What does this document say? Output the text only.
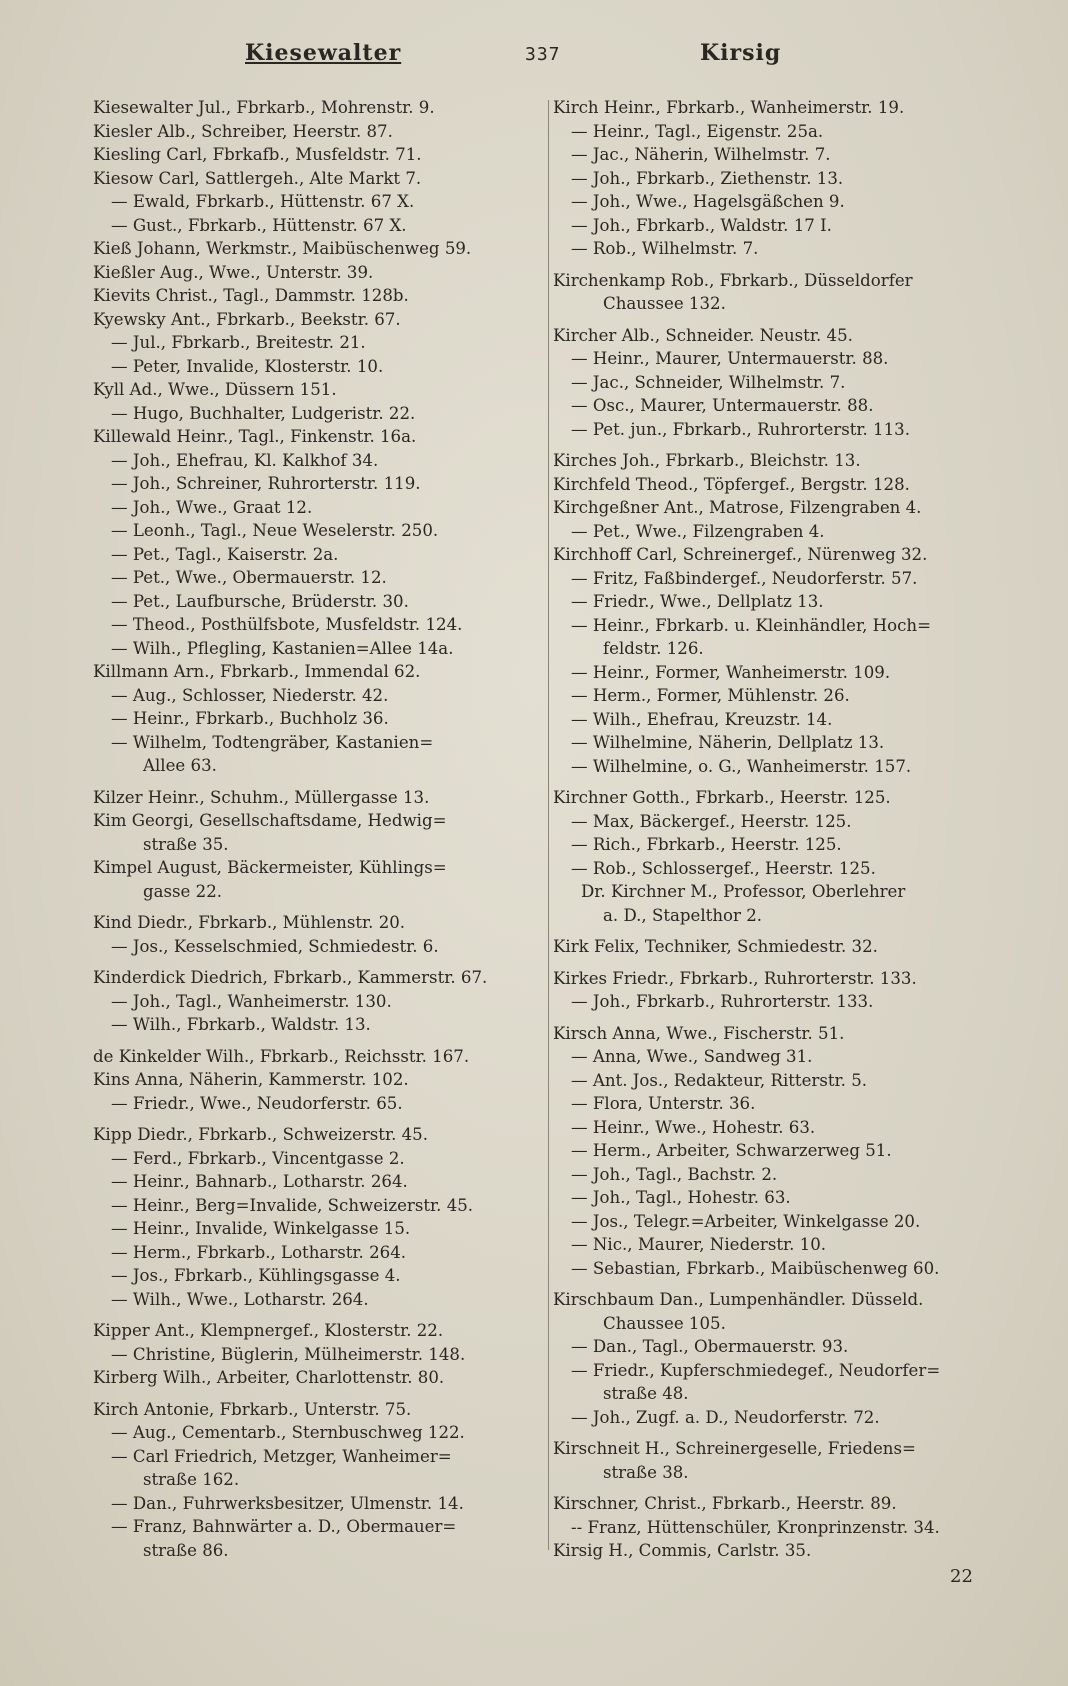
Kiesewalter	337	Kirsig

Kiesewalter Jul., Fbrkarb., Mohrenstr. 9.

Kiesler Alb., Schreiber, Heerstr. 87.

Kiesling Carl, Fbrkafb., Musfeldstr. 71.

Kiesow Carl, Sattlergeh., Alte Markt 7.

— Ewald, Fbrkarb., Hüttenstr. 67 X.

— Gust., Fbrkarb., Hüttenstr. 67 X.

Kieß Johann, Werkmstr., Maibüschenweg 59.

Kießler Aug., Wwe., Unterstr. 39.

Kievits Christ., Tagl., Dammstr. 128b.

Kyewsky Ant., Fbrkarb., Beekstr. 67.

— Jul., Fbrkarb., Breitestr. 21.

— Peter, Invalide, Klosterstr. 10.

Kyll Ad., Wwe., Düssern 151.

— Hugo, Buchhalter, Ludgeristr. 22.

Killewald Heinr., Tagl., Finkenstr. 16a.

— Joh., Ehefrau, Kl. Kalkhof 34.

— Joh., Schreiner, Ruhrorterstr. 119.

— Joh., Wwe., Graat 12.

— Leonh., Tagl., Neue Weselerstr. 250.

— Pet., Tagl., Kaiserstr. 2a.

— Pet., Wwe., Obermauerstr. 12.

— Pet., Laufbursche, Brüderstr. 30.

— Theod., Posthülfsbote, Musfeldstr. 124.

— Wilh., Pflegling, Kastanien=Allee 14a.

Killmann Arn., Fbrkarb., Immendal 62.

— Aug., Schlosser, Niederstr. 42.

— Heinr., Fbrkarb., Buchholz 36.

— Wilhelm, Todtengräber, Kastanien=

Allee 63.

Kilzer Heinr., Schuhm., Müllergasse 13.

Kim Georgi, Gesellschaftsdame, Hedwig=

straße 35.

Kimpel August, Bäckermeister, Kühlings=

gasse 22.

Kind Diedr., Fbrkarb., Mühlenstr. 20.

— Jos., Kesselschmied, Schmiedestr. 6.

Kinderdick Diedrich, Fbrkarb., Kammerstr. 67.

— Joh., Tagl., Wanheimerstr. 130.

— Wilh., Fbrkarb., Waldstr. 13.

de Kinkelder Wilh., Fbrkarb., Reichsstr. 167.

Kins Anna, Näherin, Kammerstr. 102.

— Friedr., Wwe., Neudorferstr. 65.

Kipp Diedr., Fbrkarb., Schweizerstr. 45.

— Ferd., Fbrkarb., Vincentgasse 2.

— Heinr., Bahnarb., Lotharstr. 264.

— Heinr., Berg=Invalide, Schweizerstr. 45.

— Heinr., Invalide, Winkelgasse 15.

— Herm., Fbrkarb., Lotharstr. 264.

— Jos., Fbrkarb., Kühlingsgasse 4.

— Wilh., Wwe., Lotharstr. 264.

Kipper Ant., Klempnergef., Klosterstr. 22.

— Christine, Büglerin, Mülheimerstr. 148.

Kirberg Wilh., Arbeiter, Charlottenstr. 80.

Kirch Antonie, Fbrkarb., Unterstr. 75.

— Aug., Cementarb., Sternbuschweg 122.

— Carl Friedrich, Metzger, Wanheimer=

straße 162.

— Dan., Fuhrwerksbesitzer, Ulmenstr. 14.

— Franz, Bahnwärter a. D., Obermauer=

straße 86.

Kirch Heinr., Fbrkarb., Wanheimerstr. 19.

— Heinr., Tagl., Eigenstr. 25a.

— Jac., Näherin, Wilhelmstr. 7.

— Joh., Fbrkarb., Ziethenstr. 13.

— Joh., Wwe., Hagelsgäßchen 9.

— Joh., Fbrkarb., Waldstr. 17 I.

— Rob., Wilhelmstr. 7.

Kirchenkamp Rob., Fbrkarb., Düsseldorfer

Chaussee 132.

Kircher Alb., Schneider. Neustr. 45.

— Heinr., Maurer, Untermauerstr. 88.

— Jac., Schneider, Wilhelmstr. 7.

— Osc., Maurer, Untermauerstr. 88.

— Pet. jun., Fbrkarb., Ruhrorterstr. 113.

Kirches Joh., Fbrkarb., Bleichstr. 13.

Kirchfeld Theod., Töpfergef., Bergstr. 128.

Kirchgeßner Ant., Matrose, Filzengraben 4.

— Pet., Wwe., Filzengraben 4.

Kirchhoff Carl, Schreinergef., Nürenweg 32.

— Fritz, Faßbindergef., Neudorferstr. 57.

— Friedr., Wwe., Dellplatz 13.

— Heinr., Fbrkarb. u. Kleinhändler, Hoch=

feldstr. 126.

— Heinr., Former, Wanheimerstr. 109.

— Herm., Former, Mühlenstr. 26.

— Wilh., Ehefrau, Kreuzstr. 14.

— Wilhelmine, Näherin, Dellplatz 13.

— Wilhelmine, o. G., Wanheimerstr. 157.

Kirchner Gotth., Fbrkarb., Heerstr. 125.

— Max, Bäckergef., Heerstr. 125.

— Rich., Fbrkarb., Heerstr. 125.

— Rob., Schlossergef., Heerstr. 125.

Dr. Kirchner M., Professor, Oberlehrer

a. D., Stapelthor 2.

Kirk Felix, Techniker, Schmiedestr. 32.

Kirkes Friedr., Fbrkarb., Ruhrorterstr. 133.

— Joh., Fbrkarb., Ruhrorterstr. 133.

Kirsch Anna, Wwe., Fischerstr. 51.

— Anna, Wwe., Sandweg 31.

— Ant. Jos., Redakteur, Ritterstr. 5.

— Flora, Unterstr. 36.

— Heinr., Wwe., Hohestr. 63.

— Herm., Arbeiter, Schwarzerweg 51.

— Joh., Tagl., Bachstr. 2.

— Joh., Tagl., Hohestr. 63.

— Jos., Telegr.=Arbeiter, Winkelgasse 20.

— Nic., Maurer, Niederstr. 10.

— Sebastian, Fbrkarb., Maibüschenweg 60.

Kirschbaum Dan., Lumpenhändler. Düsseld.

Chaussee 105.

— Dan., Tagl., Obermauerstr. 93.

— Friedr., Kupferschmiedegef., Neudorfer=

straße 48.

— Joh., Zugf. a. D., Neudorferstr. 72.

Kirschneit H., Schreinergeselle, Friedens=

straße 38.

Kirschner, Christ., Fbrkarb., Heerstr. 89.

-- Franz, Hüttenschüler, Kronprinzenstr. 34.

Kirsig H., Commis, Carlstr. 35.

22
